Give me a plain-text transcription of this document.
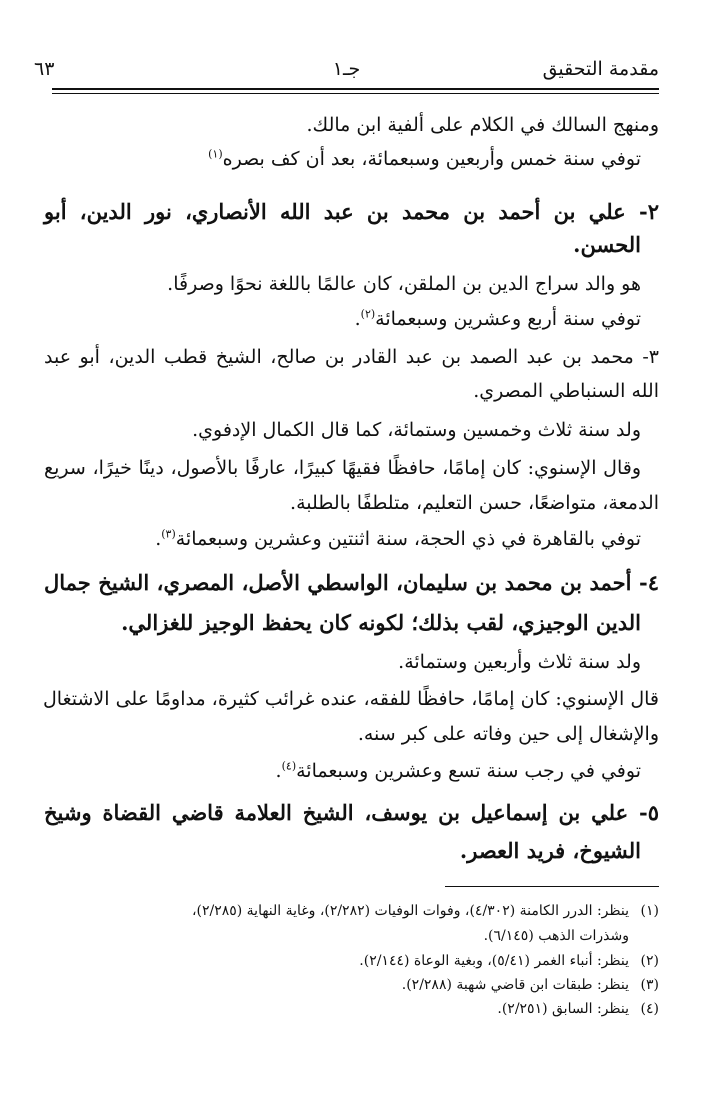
مقدمة التحقيق
جـ١
٦٣
ومنهج السالك في الكلام على ألفية ابن مالك.
توفي سنة خمس وأربعين وسبعمائة، بعد أن كف بصره$^{(١)}$
٢- علي بن أحمد بن محمد بن عبد الله الأنصاري، نور الدين، أبو
الحسن.
هو والد سراج الدين بن الملقن، كان عالمًا باللغة نحوًا وصرفًا.
توفي سنة أربع وعشرين وسبعمائة$^{(٢)}$.
٣- محمد بن عبد الصمد بن عبد القادر بن صالح، الشيخ قطب الدين، أبو عبد
الله السنباطي المصري.
ولد سنة ثلاث وخمسين وستمائة، كما قال الكمال الإدفوي.
وقال الإسنوي: كان إمامًا، حافظًا فقيهًا كبيرًا، عارفًا بالأصول، دينًا خيرًا، سريع
الدمعة، متواضعًا، حسن التعليم، متلطفًا بالطلبة.
توفي بالقاهرة في ذي الحجة، سنة اثنتين وعشرين وسبعمائة$^{(٣)}$.
٤- أحمد بن محمد بن سليمان، الواسطي الأصل، المصري، الشيخ جمال
الدين الوجيزي، لقب بذلك؛ لكونه كان يحفظ الوجيز للغزالي.
ولد سنة ثلاث وأربعين وستمائة.
قال الإسنوي: كان إمامًا، حافظًا للفقه، عنده غرائب كثيرة، مداومًا على الاشتغال
والإشغال إلى حين وفاته على كبر سنه.
توفي في رجب سنة تسع وعشرين وسبعمائة$^{(٤)}$.
٥- علي بن إسماعيل بن يوسف، الشيخ العلامة قاضي القضاة وشيخ
الشيوخ، فريد العصر.
(١)ينظر: الدرر الكامنة (٤/٣٠٢)، وفوات الوفيات (٢/٢٨٢)، وغاية النهاية (٢/٢٨٥)،
وشذرات الذهب (٦/١٤٥).
(٢)ينظر: أنباء الغمر (٥/٤١)، وبغية الوعاة (٢/١٤٤).
(٣)ينظر: طبقات ابن قاضي شهبة (٢/٢٨٨).
(٤)ينظر: السابق (٢/٢٥١).
